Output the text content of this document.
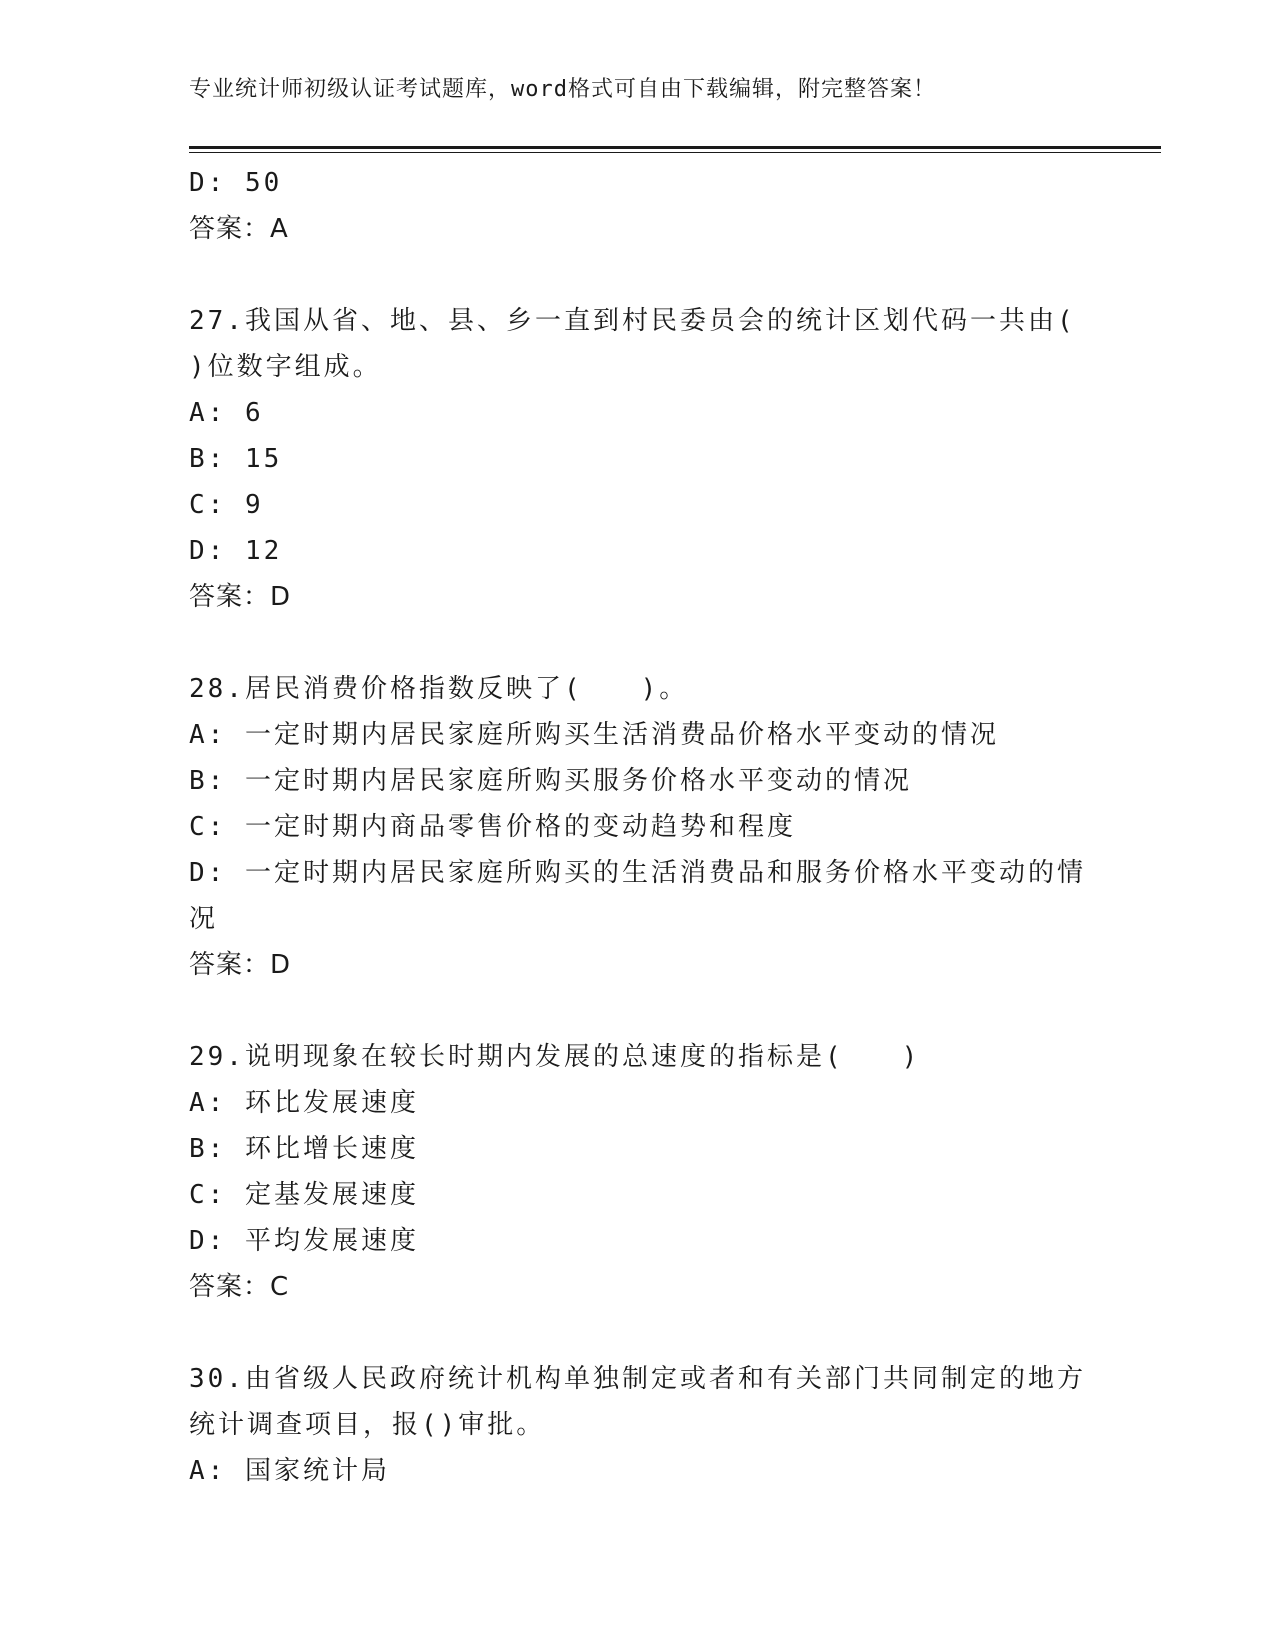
专业统计师初级认证考试题库，word格式可自由下载编辑，附完整答案！
D: 50
答案：A
27.我国从省、地、县、乡一直到村民委员会的统计区划代码一共由(
)位数字组成。
A: 6
B: 15
C: 9
D: 12
答案：D
28.居民消费价格指数反映了(　　)。
A: 一定时期内居民家庭所购买生活消费品价格水平变动的情况
B: 一定时期内居民家庭所购买服务价格水平变动的情况
C: 一定时期内商品零售价格的变动趋势和程度
D: 一定时期内居民家庭所购买的生活消费品和服务价格水平变动的情
况
答案：D
29.说明现象在较长时期内发展的总速度的指标是(　　)
A: 环比发展速度
B: 环比增长速度
C: 定基发展速度
D: 平均发展速度
答案：C
30.由省级人民政府统计机构单独制定或者和有关部门共同制定的地方
统计调查项目，报()审批。
A: 国家统计局
